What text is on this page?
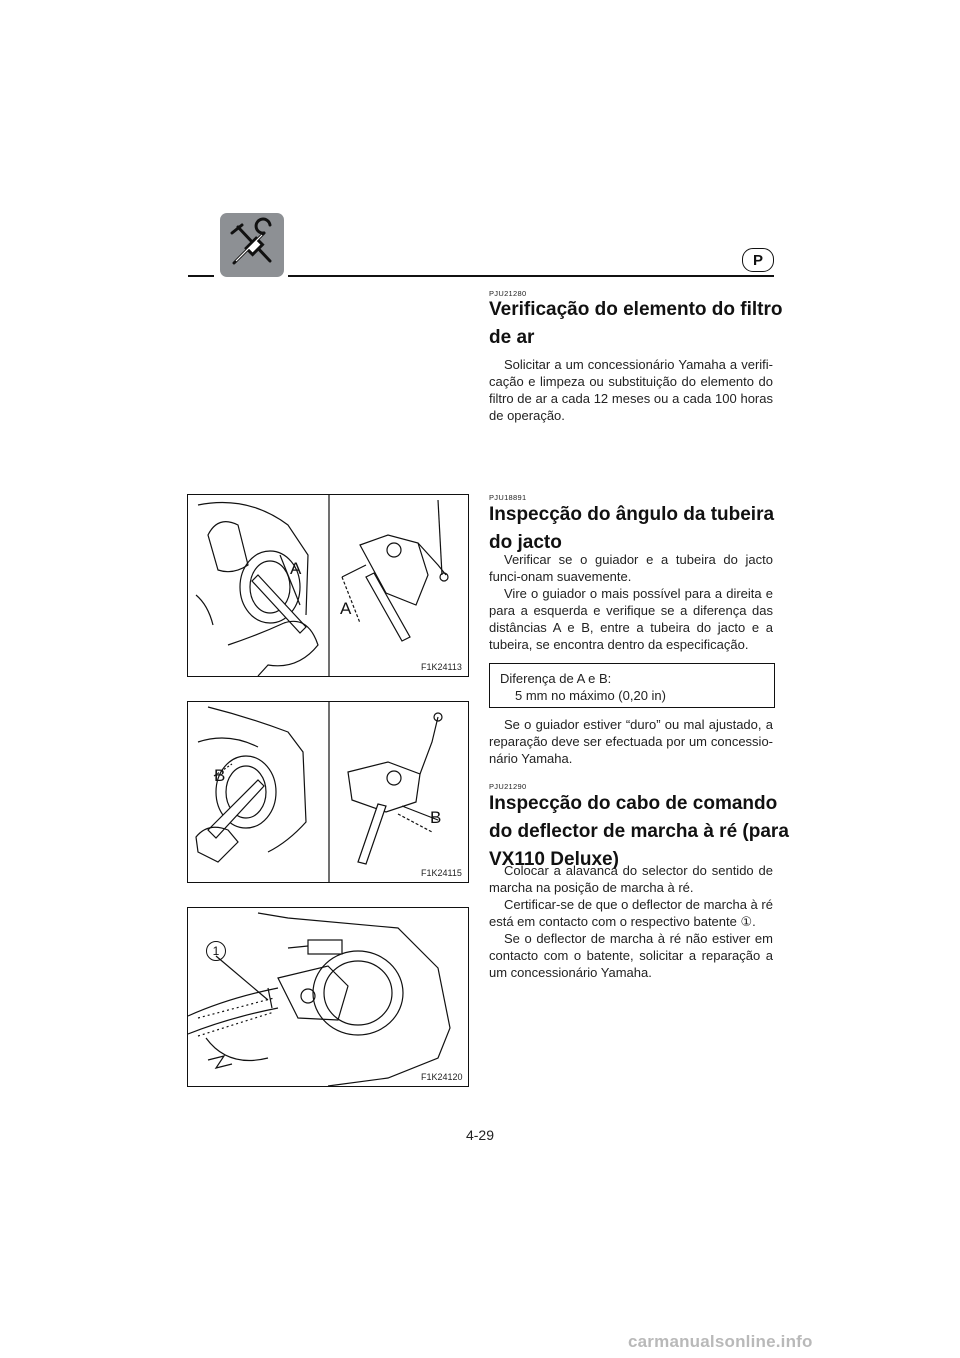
P
PJU21280
Verificação do elemento do filtro
de ar

Solicitar a um concessionário Yamaha a verifi-cação e limpeza ou substituição do elemento do filtro de ar a cada 12 meses ou a cada 100 horas de operação.

PJU18891
Inspecção do ângulo da tubeira
do jacto

Verificar se o guiador e a tubeira do jacto funci-onam suavemente.

Vire o guiador o mais possível para a direita e para a esquerda e verifique se a diferença das distâncias A e B, entre a tubeira do jacto e a tubeira, se encontra dentro da especificação.

Diferença de A e B:
5 mm no máximo (0,20 in)

Se o guiador estiver “duro” ou mal ajustado, a reparação deve ser efectuada por um concessio-nário Yamaha.

PJU21290
Inspecção do cabo de comando
do deflector de marcha à ré (para
VX110 Deluxe)

Colocar a alavanca do selector do sentido de marcha na posição de marcha à ré.

Certificar-se de que o deflector de marcha à ré está em contacto com o respectivo batente ①.

Se o deflector de marcha à ré não estiver em contacto com o batente, solicitar a reparação a um concessionário Yamaha.

A
A
F1K24113
B
B
F1K24115
1
F1K24120
4-29
carmanualsonline.info
